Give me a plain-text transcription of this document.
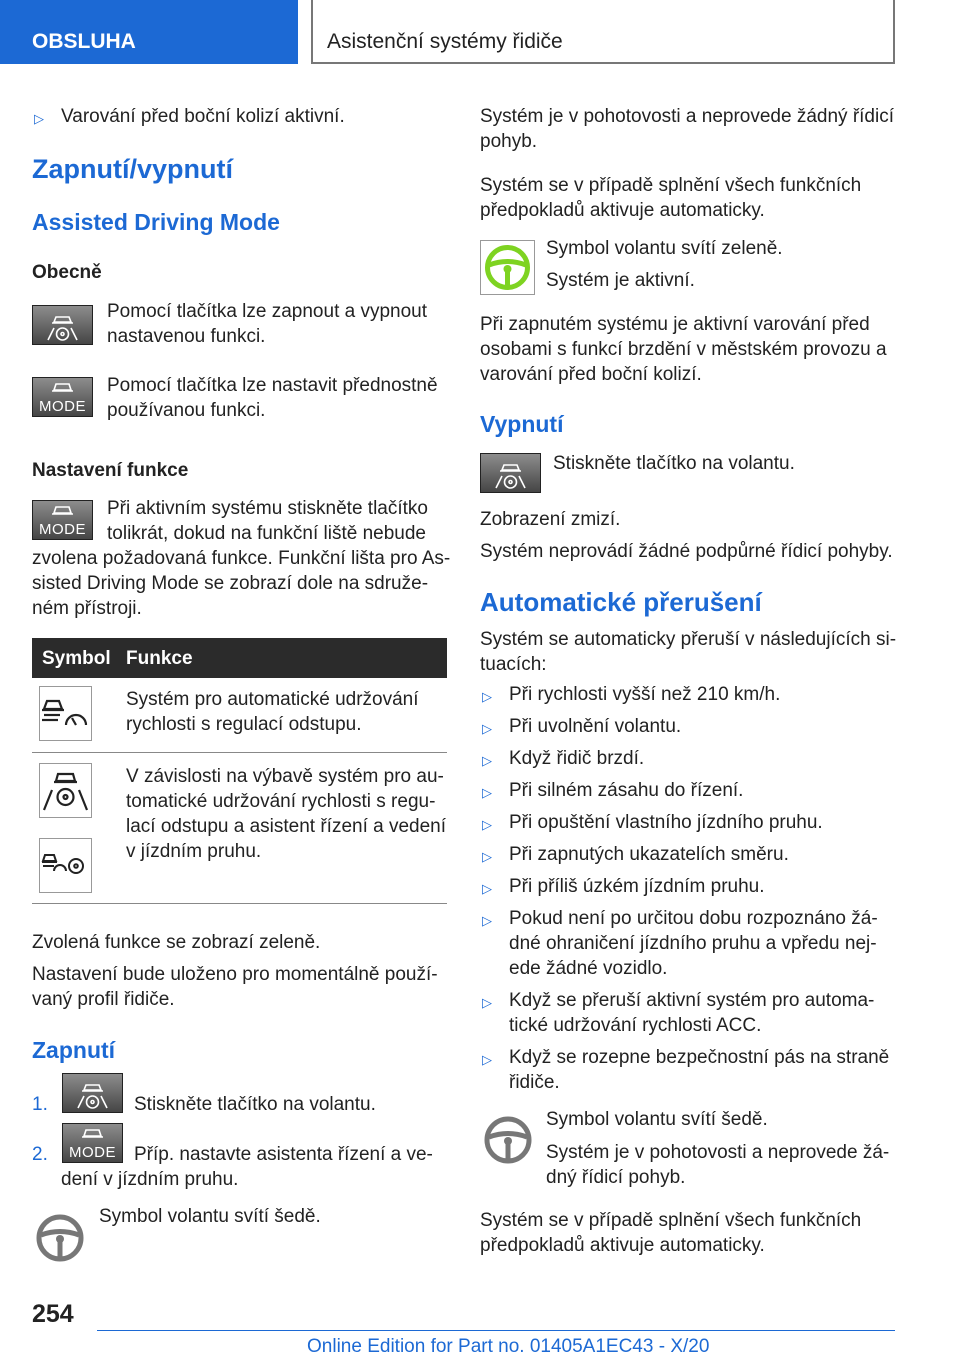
OBSLUHA	Asistenční systémy řidiče
▷ Varování před boční kolizí aktivní.

Zapnutí/vypnutí

Assisted Driving Mode

Obecně

Pomocí tlačítka lze zapnout a vypnout

nastavenou funkci.

MODE

Pomocí tlačítka lze nastavit přednostně

používanou funkci.

Nastavení funkce

MODE

Při aktivním systému stiskněte tlačítko

tolikrát, dokud na funkční liště nebude

zvolena požadovaná funkce. Funkční lišta pro As-

sisted Driving Mode se zobrazí dole na sdruže-

ném přístroji.

Symbol Funkce

Systém pro automatické udržování

rychlosti s regulací odstupu.

V závislosti na výbavě systém pro au-

tomatické udržování rychlosti s regu-

lací odstupu a asistent řízení a vedení

v jízdním pruhu.

Zvolená funkce se zobrazí zeleně.

Nastavení bude uloženo pro momentálně použí-

vaný profil řidiče.

Zapnutí

1.	Stiskněte tlačítko na volantu.

2.	MODE Příp. nastavte asistenta řízení a ve-

dení v jízdním pruhu.

Symbol volantu svítí šedě.

Systém je v pohotovosti a neprovede žádný řídicí

pohyb.

Systém se v případě splnění všech funkčních

předpokladů aktivuje automaticky.

Symbol volantu svítí zeleně.

Systém je aktivní.

Při zapnutém systému je aktivní varování před

osobami s funkcí brzdění v městském provozu a

varování před boční kolizí.

Vypnutí

Stiskněte tlačítko na volantu.

Zobrazení zmizí.

Systém neprovádí žádné podpůrné řídicí pohyby.

Automatické přerušení

Systém se automaticky přeruší v následujících si-

tuacích:

▷ Při rychlosti vyšší než 210 km/h.

▷ Při uvolnění volantu.

▷ Když řidič brzdí.

▷ Při silném zásahu do řízení.

▷ Při opuštění vlastního jízdního pruhu.

▷ Při zapnutých ukazatelích směru.

▷ Při příliš úzkém jízdním pruhu.

▷ Pokud není po určitou dobu rozpoznáno žá-

dné ohraničení jízdního pruhu a vpředu nej-

ede žádné vozidlo.

▷ Když se přeruší aktivní systém pro automa-

tické udržování rychlosti ACC.

▷ Když se rozepne bezpečnostní pás na straně

řidiče.

Symbol volantu svítí šedě.

Systém je v pohotovosti a neprovede žá-

dný řídicí pohyb.

Systém se v případě splnění všech funkčních

předpokladů aktivuje automaticky.

254

Online Edition for Part no. 01405A1EC43 - X/20
